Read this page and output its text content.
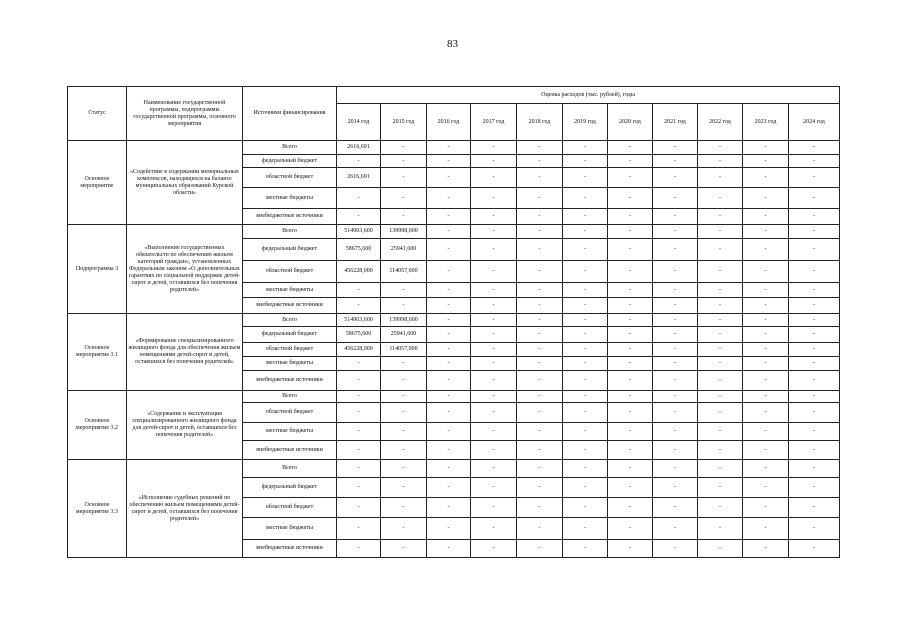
83
Статус	Наименование государственной программы, подпрограммы государственной программы, основного мероприятия	Источники финансирования	Оценка расходов (тыс. рублей), годы										
			2014 год	2015 год	2016 год	2017 год	2018 год	2019 год	2020 год	2021 год	2022 год	2023 год	2024 год
Основное мероприятие	«Содействие в содержании мемориальных комплексов, находящихся на балансе муниципальных образований Курской области»	Всего	2616,691	-	-	-	-	-	-	-	-	-	-
		федеральный бюджет	-	-	-	-	-	-	-	-	-	-	-
		областной бюджет	2616,691	-	-	-	-	-	-	-	-	-	-
		местные бюджеты	-	-	-	-	-	-	-	-	-	-	-
		внебюджетные источники	-	-	-	-	-	-	-	-	-	-	-
Подпрограмма 3	«Выполнение государственных обязательств по обеспечению жильем категорий граждан», установленных Федеральным законом «О дополнительных гарантиях по социальной поддержке детей-сирот и детей, оставшихся без попечения родителей»	Всего	514903,600	139998,600	-	-	-	-	-	-	-	-	-
		федеральный бюджет	58675,600	25941,600	-	-	-	-	-	-	-	-	-
		областной бюджет	456228,000	114057,000	-	-	-	-	-	-	-	-	-
		местные бюджеты	-	-	-	-	-	-	-	-	-	-	-
		внебюджетные источники	-	-	-	-	-	-	-	-	-	-	-
Основное мероприятие 3.1	«Формирование специализированного жилищного фонда для обеспечения жильем помещениями детей-сирот и детей, оставшихся без попечения родителей»	Всего	514903,600	139998,600	-	-	-	-	-	-	-	-	-
		федеральный бюджет	58675,600	25941,600	-	-	-	-	-	-	-	-	-
		областной бюджет	456228,000	114057,000	-	-	-	-	-	-	-	-	-
		местные бюджеты	-	-	-	-	-	-	-	-	-	-	-
		внебюджетные источники	-	-	-	-	-	-	-	-	-	-	-
Основное мероприятие 3.2	«Содержание и эксплуатация специализированного жилищного фонда для детей-сирот и детей, оставшихся без попечения родителей»	Всего	-	-	-	-	-	-	-	-	-	-	-
		областной бюджет	-	-	-	-	-	-	-	-	-	-	-
		местные бюджеты	-	-	-	-	-	-	-	-	-	-	-
		внебюджетные источники	-	-	-	-	-	-	-	-	-	-	-
Основное мероприятие 3.3	«Исполнение судебных решений по обеспечению жильем помещениями детей-сирот и детей, оставшихся без попечения родителей»	Всего	-	-	-	-	-	-	-	-	-	-	-
		федеральный бюджет	-	-	-	-	-	-	-	-	-	-	-
		областной бюджет	-	-	-	-	-	-	-	-	-	-	-
		местные бюджеты	-	-	-	-	-	-	-	-	-	-	-
		внебюджетные источники	-	-	-	-	-	-	-	-	-	-	-
